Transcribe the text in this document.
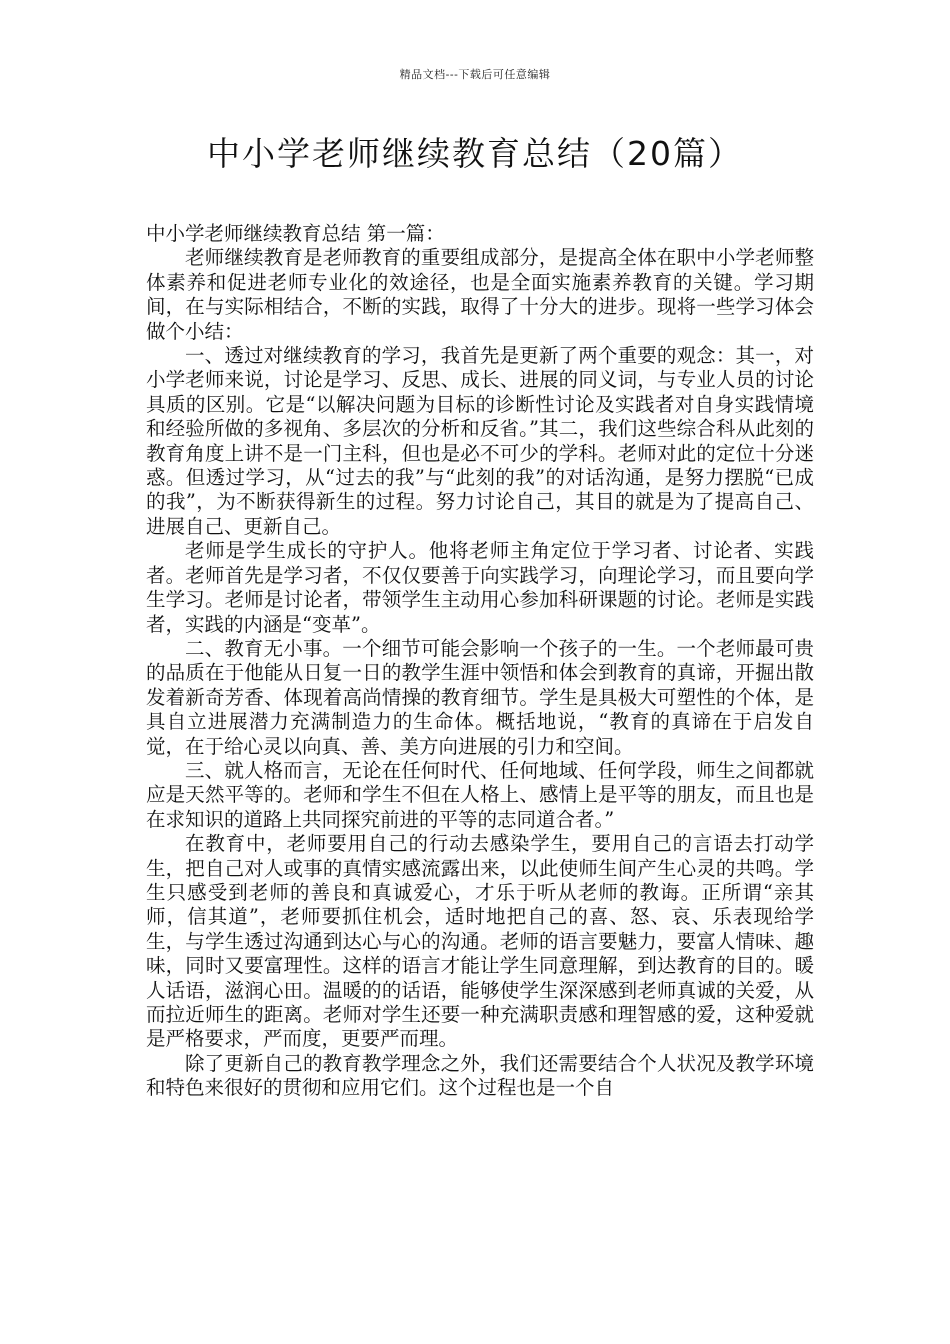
精品文档---下载后可任意编辑
中小学老师继续教育总结（20篇）

中小学老师继续教育总结 第一篇：

老师继续教育是老师教育的重要组成部分，是提高全体在职中小学老师整体素养和促进老师专业化的效途径，也是全面实施素养教育的关键。学习期间，在与实际相结合，不断的实践，取得了十分大的进步。现将一些学习体会做个小结：

一、透过对继续教育的学习，我首先是更新了两个重要的观念：其一，对小学老师来说，讨论是学习、反思、成长、进展的同义词，与专业人员的讨论具质的区别。它是“以解决问题为目标的诊断性讨论及实践者对自身实践情境和经验所做的多视角、多层次的分析和反省。”其二，我们这些综合科从此刻的教育角度上讲不是一门主科，但也是必不可少的学科。老师对此的定位十分迷惑。但透过学习，从“过去的我”与“此刻的我”的对话沟通，是努力摆脱“已成的我”，为不断获得新生的过程。努力讨论自己，其目的就是为了提高自己、进展自己、更新自己。

老师是学生成长的守护人。他将老师主角定位于学习者、讨论者、实践者。老师首先是学习者，不仅仅要善于向实践学习，向理论学习，而且要向学生学习。老师是讨论者，带领学生主动用心参加科研课题的讨论。老师是实践者，实践的内涵是“变革”。

二、教育无小事。一个细节可能会影响一个孩子的一生。一个老师最可贵的品质在于他能从日复一日的教学生涯中领悟和体会到教育的真谛，开掘出散发着新奇芳香、体现着高尚情操的教育细节。学生是具极大可塑性的个体，是具自立进展潜力充满制造力的生命体。概括地说，“教育的真谛在于启发自觉，在于给心灵以向真、善、美方向进展的引力和空间。

三、就人格而言，无论在任何时代、任何地域、任何学段，师生之间都就应是天然平等的。老师和学生不但在人格上、感情上是平等的朋友，而且也是在求知识的道路上共同探究前进的平等的志同道合者。”

在教育中，老师要用自己的行动去感染学生，要用自己的言语去打动学生，把自己对人或事的真情实感流露出来，以此使师生间产生心灵的共鸣。学生只感受到老师的善良和真诚爱心，才乐于听从老师的教诲。正所谓“亲其师，信其道”，老师要抓住机会，适时地把自己的喜、怒、哀、乐表现给学生，与学生透过沟通到达心与心的沟通。老师的语言要魅力，要富人情味、趣味，同时又要富理性。这样的语言才能让学生同意理解，到达教育的目的。暖人话语，滋润心田。温暖的的话语，能够使学生深深感到老师真诚的关爱，从而拉近师生的距离。老师对学生还要一种充满职责感和理智感的爱，这种爱就是严格要求，严而度，更要严而理。

除了更新自己的教育教学理念之外，我们还需要结合个人状况及教学环境和特色来很好的贯彻和应用它们。这个过程也是一个自
